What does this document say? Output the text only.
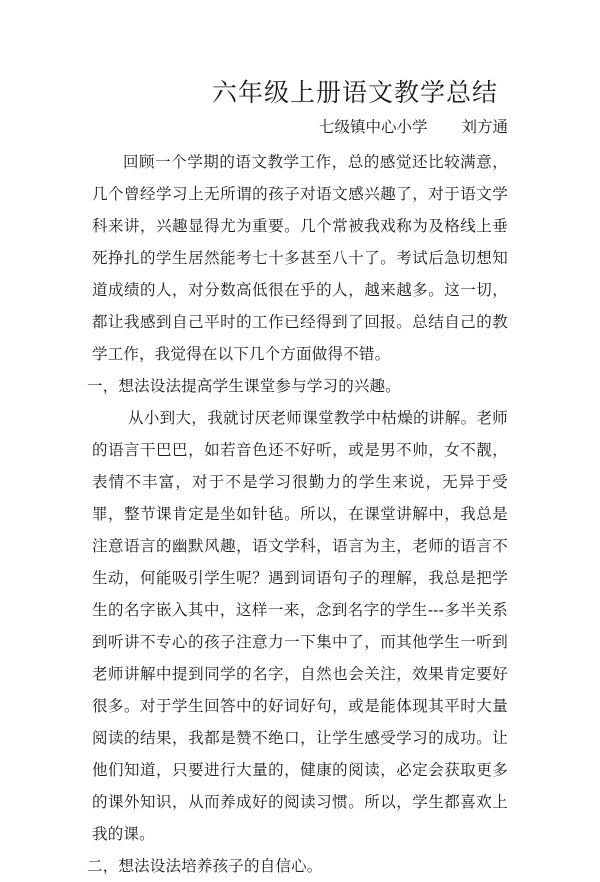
六年级上册语文教学总结
七级镇中心小学 刘方通

回顾一个学期的语文教学工作，总的感觉还比较满意，几个曾经学习上无所谓的孩子对语文感兴趣了，对于语文学科来讲，兴趣显得尤为重要。几个常被我戏称为及格线上垂死挣扎的学生居然能考七十多甚至八十了。考试后急切想知道成绩的人，对分数高低很在乎的人，越来越多。这一切，都让我感到自己平时的工作已经得到了回报。总结自己的教学工作，我觉得在以下几个方面做得不错。

一，想法设法提高学生课堂参与学习的兴趣。

从小到大，我就讨厌老师课堂教学中枯燥的讲解。老师的语言干巴巴，如若音色还不好听，或是男不帅，女不靓，表情不丰富，对于不是学习很勤力的学生来说，无异于受罪，整节课肯定是坐如针毡。所以，在课堂讲解中，我总是注意语言的幽默风趣，语文学科，语言为主，老师的语言不生动，何能吸引学生呢？遇到词语句子的理解，我总是把学生的名字嵌入其中，这样一来，念到名字的学生---多半关系到听讲不专心的孩子注意力一下集中了，而其他学生一听到老师讲解中提到同学的名字，自然也会关注，效果肯定要好很多。对于学生回答中的好词好句，或是能体现其平时大量阅读的结果，我都是赞不绝口，让学生感受学习的成功。让他们知道，只要进行大量的，健康的阅读，必定会获取更多的课外知识，从而养成好的阅读习惯。所以，学生都喜欢上我的课。

二，想法设法培养孩子的自信心。
